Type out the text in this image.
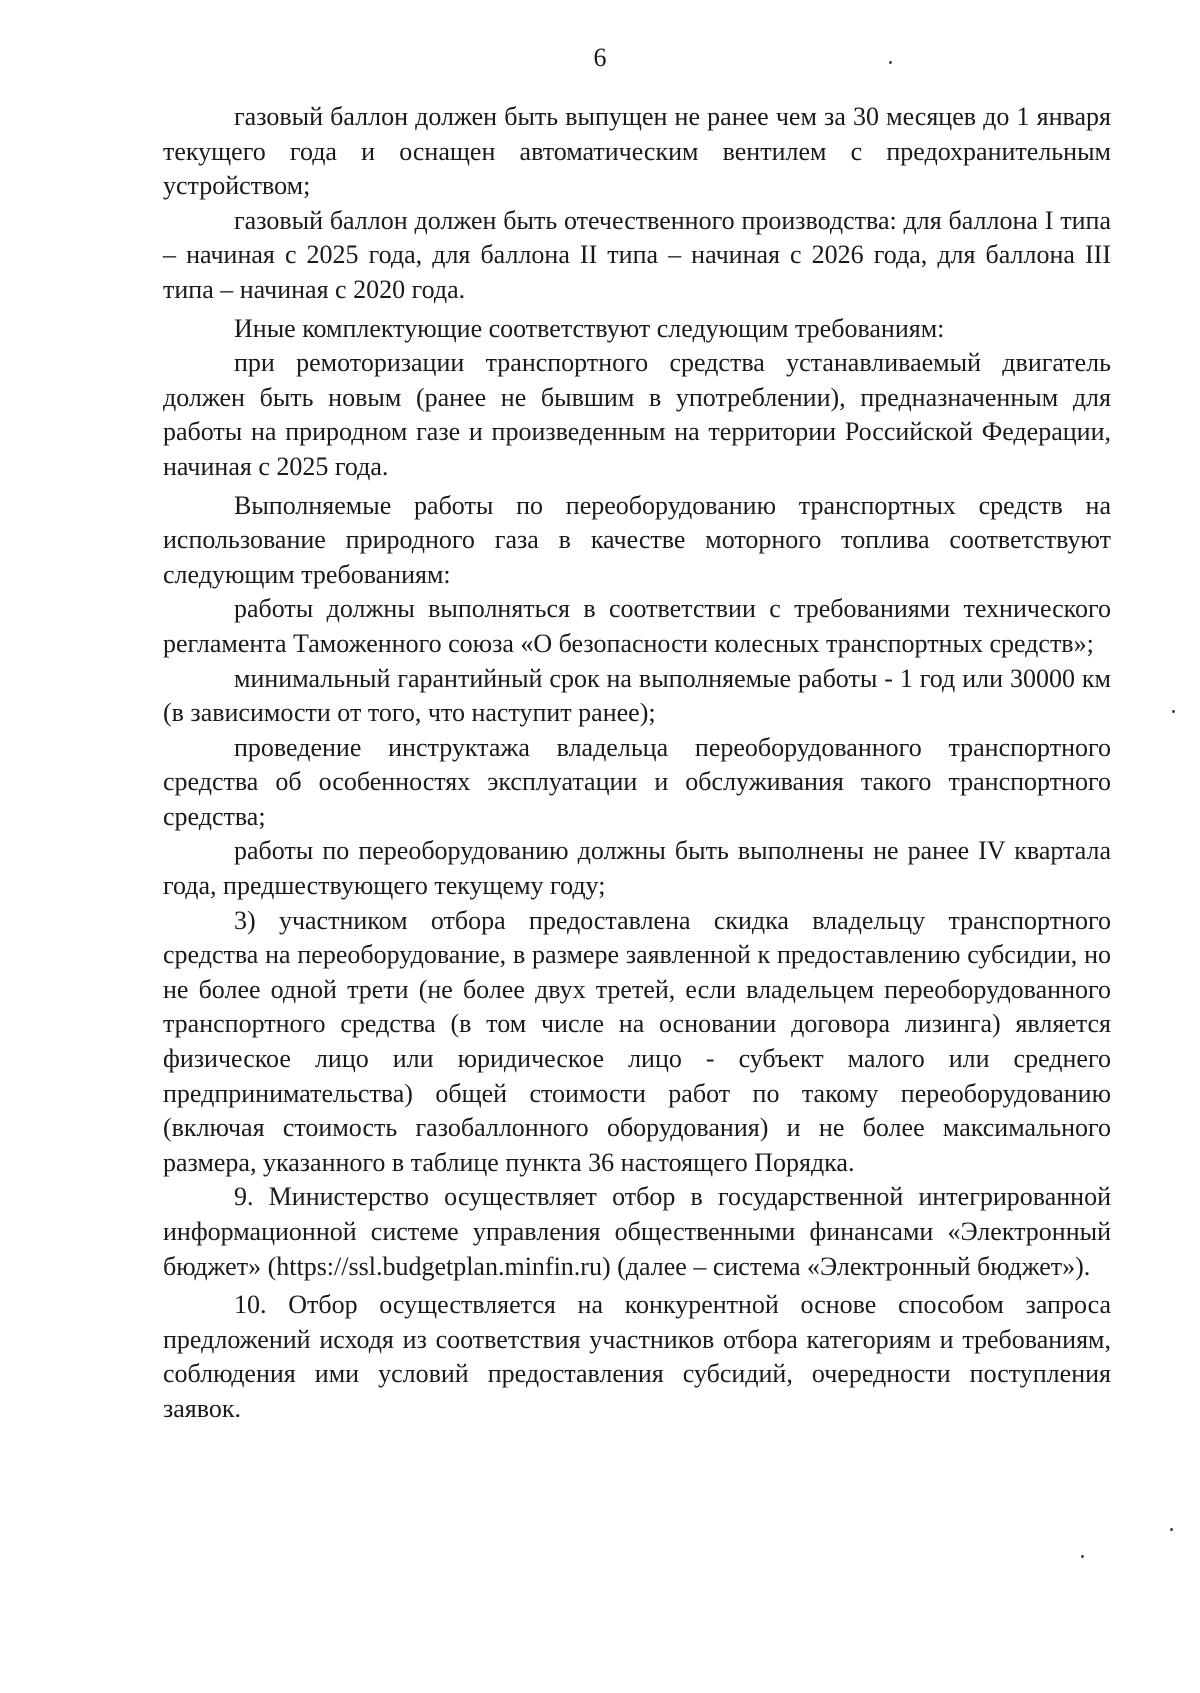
6

газовый баллон должен быть выпущен не ранее чем за 30 месяцев до 1 января текущего года и оснащен автоматическим вентилем с предохранительным устройством;

газовый баллон должен быть отечественного производства: для баллона I типа – начиная с 2025 года, для баллона II типа – начиная с 2026 года, для баллона III типа – начиная с 2020 года.

Иные комплектующие соответствуют следующим требованиям:

при ремоторизации транспортного средства устанавливаемый двигатель должен быть новым (ранее не бывшим в употреблении), предназначенным для работы на природном газе и произведенным на территории Российской Федерации, начиная с 2025 года.

Выполняемые работы по переоборудованию транспортных средств на использование природного газа в качестве моторного топлива соответствуют следующим требованиям:

работы должны выполняться в соответствии с требованиями технического регламента Таможенного союза «О безопасности колесных транспортных средств»;

минимальный гарантийный срок на выполняемые работы - 1 год или 30000 км (в зависимости от того, что наступит ранее);

проведение инструктажа владельца переоборудованного транспортного средства об особенностях эксплуатации и обслуживания такого транспортного средства;

работы по переоборудованию должны быть выполнены не ранее IV квартала года, предшествующего текущему году;

3) участником отбора предоставлена скидка владельцу транспортного средства на переоборудование, в размере заявленной к предоставлению субсидии, но не более одной трети (не более двух третей, если владельцем переоборудованного транспортного средства (в том числе на основании договора лизинга) является физическое лицо или юридическое лицо - субъект малого или среднего предпринимательства) общей стоимости работ по такому переоборудованию (включая стоимость газобаллонного оборудования) и не более максимального размера, указанного в таблице пункта 36 настоящего Порядка.

9. Министерство осуществляет отбор в государственной интегрированной информационной системе управления общественными финансами «Электронный бюджет» (https://ssl.budgetplan.minfin.ru) (далее – система «Электронный бюджет»).

10. Отбор осуществляется на конкурентной основе способом запроса предложений исходя из соответствия участников отбора категориям и требованиям, соблюдения ими условий предоставления субсидий, очередности поступления заявок.
